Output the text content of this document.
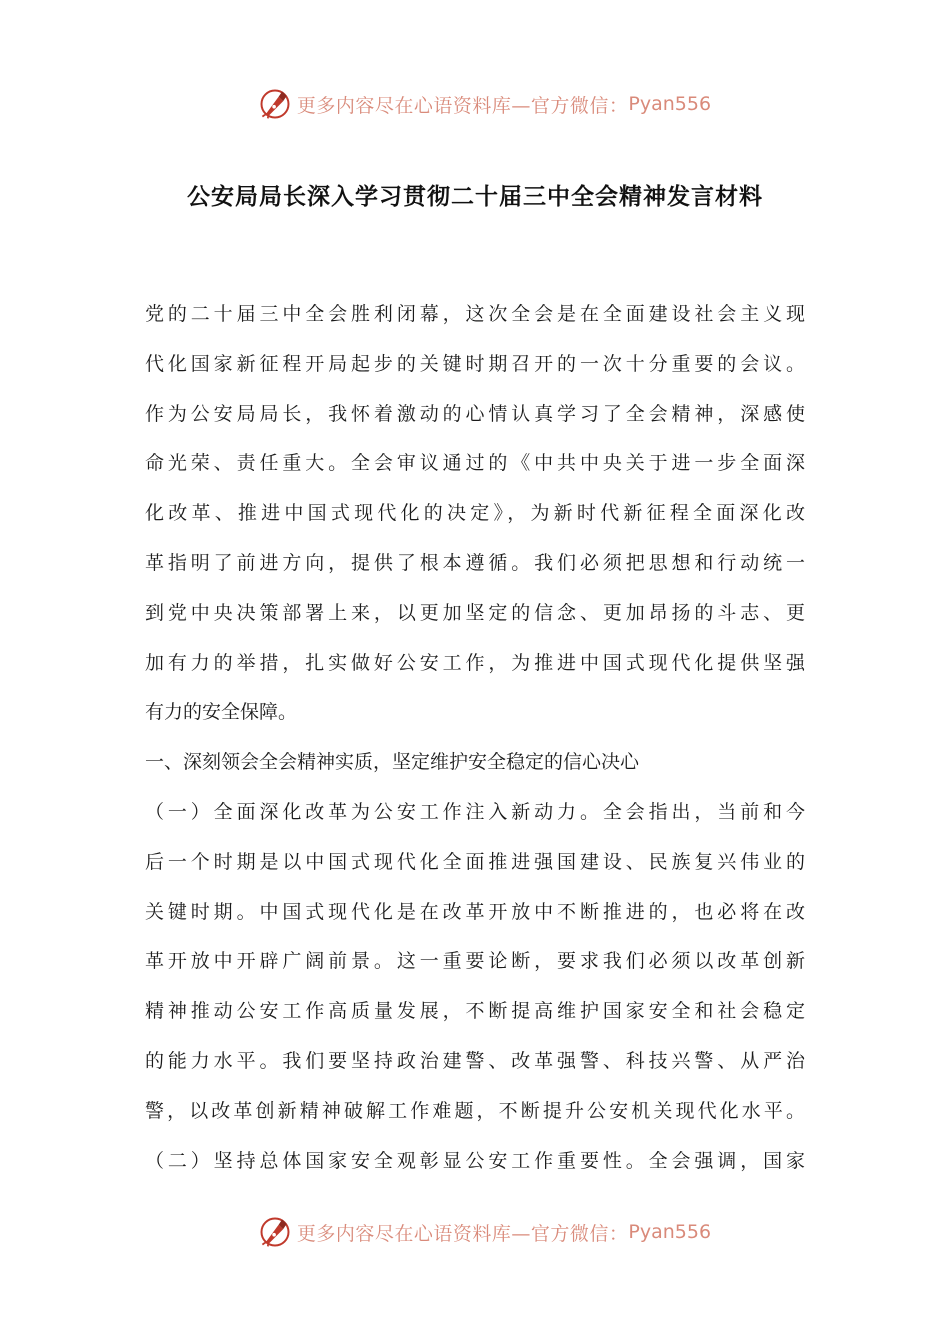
更多内容尽在心语资料库—官方微信： Pyan556
公安局局长深入学习贯彻二十届三中全会精神发言材料
党的二十届三中全会胜利闭幕，这次全会是在全面建设社会主义现
代化国家新征程开局起步的关键时期召开的一次十分重要的会议。
作为公安局局长，我怀着激动的心情认真学习了全会精神，深感使
命光荣、责任重大。全会审议通过的《中共中央关于进一步全面深
化改革、推进中国式现代化的决定》，为新时代新征程全面深化改
革指明了前进方向，提供了根本遵循。我们必须把思想和行动统一
到党中央决策部署上来，以更加坚定的信念、更加昂扬的斗志、更
加有力的举措，扎实做好公安工作，为推进中国式现代化提供坚强
有力的安全保障。
一、深刻领会全会精神实质，坚定维护安全稳定的信心决心
（一）全面深化改革为公安工作注入新动力。全会指出，当前和今
后一个时期是以中国式现代化全面推进强国建设、民族复兴伟业的
关键时期。中国式现代化是在改革开放中不断推进的，也必将在改
革开放中开辟广阔前景。这一重要论断，要求我们必须以改革创新
精神推动公安工作高质量发展，不断提高维护国家安全和社会稳定
的能力水平。我们要坚持政治建警、改革强警、科技兴警、从严治
警，以改革创新精神破解工作难题，不断提升公安机关现代化水平。
（二）坚持总体国家安全观彰显公安工作重要性。全会强调，国家
更多内容尽在心语资料库—官方微信： Pyan556
